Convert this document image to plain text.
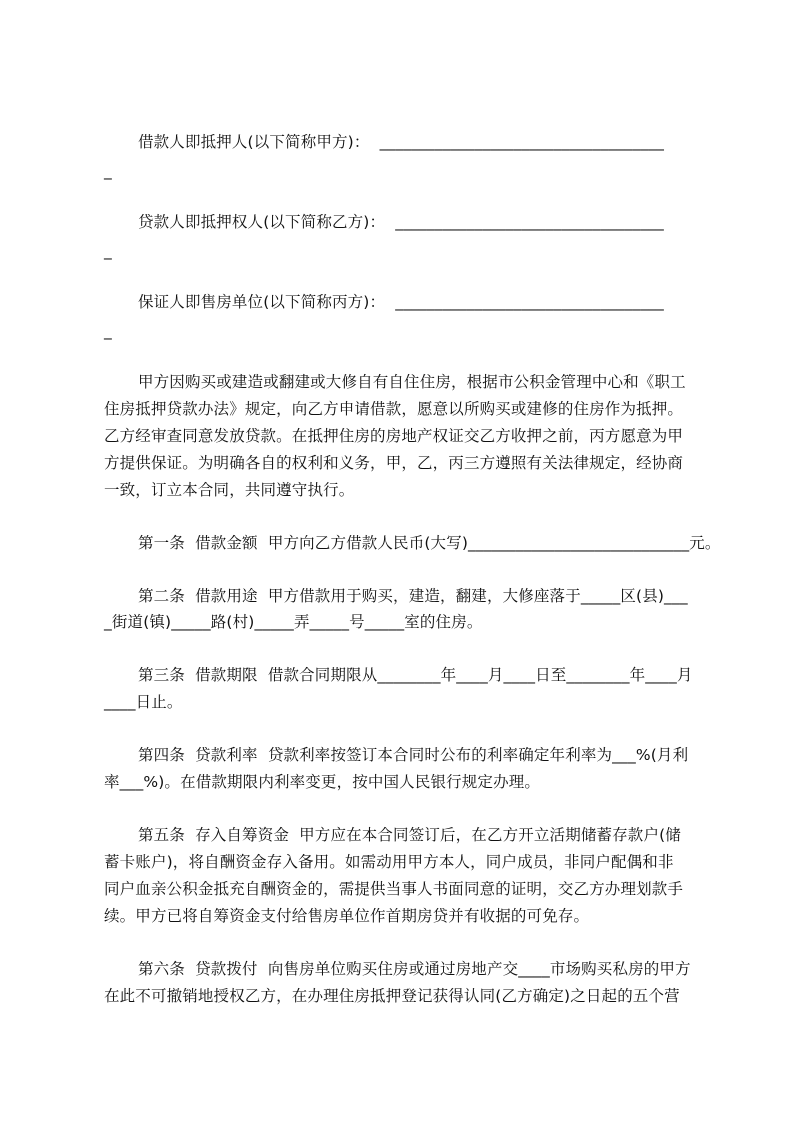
借款人即抵押人(以下简称甲方)：  ____________________________________
_
贷款人即抵押权人(以下简称乙方)：  __________________________________
_
保证人即售房单位(以下简称丙方)：  __________________________________
_
甲方因购买或建造或翻建或大修自有自住住房，根据市公积金管理中心和《职工
住房抵押贷款办法》规定，向乙方申请借款，愿意以所购买或建修的住房作为抵押。
乙方经审查同意发放贷款。在抵押住房的房地产权证交乙方收押之前，丙方愿意为甲
方提供保证。为明确各自的权利和义务，甲，乙，丙三方遵照有关法律规定，经协商
一致，订立本合同，共同遵守执行。
第一条  借款金额  甲方向乙方借款人民币(大写)____________________________元。
第二条  借款用途  甲方借款用于购买，建造，翻建，大修座落于_____区(县)___
_街道(镇)_____路(村)_____弄_____号_____室的住房。
第三条  借款期限  借款合同期限从________年____月____日至________年____月
____日止。
第四条  贷款利率  贷款利率按签订本合同时公布的利率确定年利率为___%(月利
率___%)。在借款期限内利率变更，按中国人民银行规定办理。
第五条  存入自筹资金  甲方应在本合同签订后，在乙方开立活期储蓄存款户(储
蓄卡账户)，将自酬资金存入备用。如需动用甲方本人，同户成员，非同户配偶和非
同户血亲公积金抵充自酬资金的，需提供当事人书面同意的证明，交乙方办理划款手
续。甲方已将自筹资金支付给售房单位作首期房贷并有收据的可免存。
第六条  贷款拨付  向售房单位购买住房或通过房地产交____市场购买私房的甲方
在此不可撤销地授权乙方，在办理住房抵押登记获得认同(乙方确定)之日起的五个营
